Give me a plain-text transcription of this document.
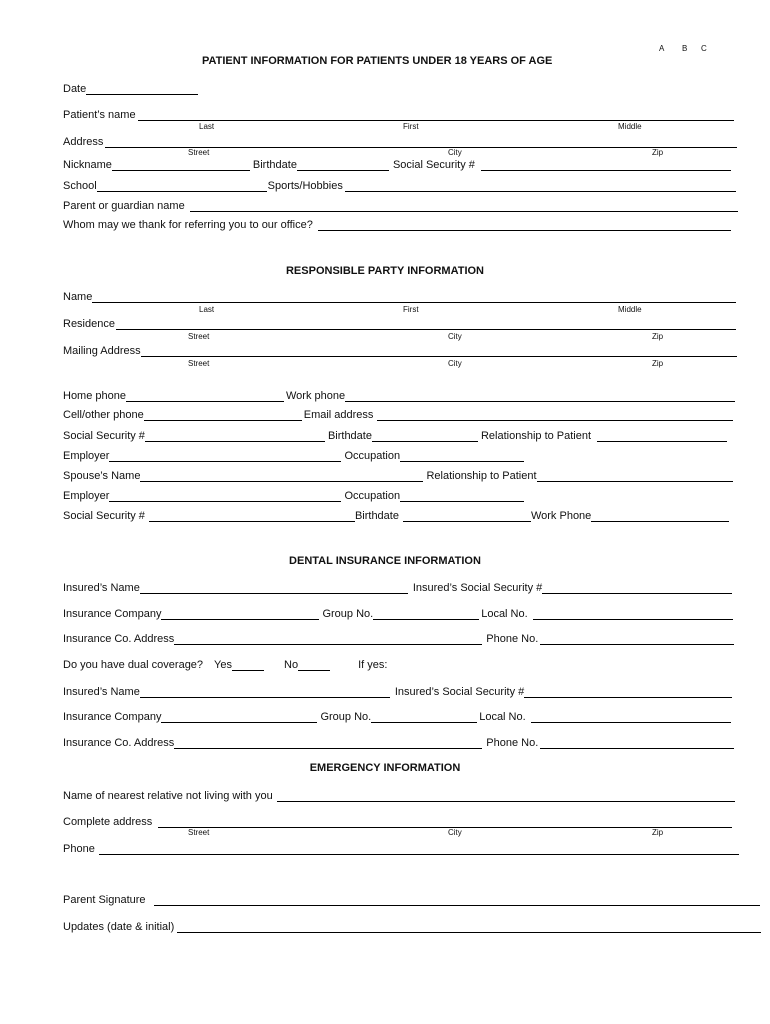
A B C
PATIENT INFORMATION FOR PATIENTS UNDER 18 YEARS OF AGE
Date
Patient’s name
Last	First	Middle
Address
Street	City	Zip
Nickname	Birthdate	Social Security #
School	Sports/Hobbies
Parent or guardian name
Whom may we thank for referring you to our office?
RESPONSIBLE PARTY INFORMATION
Name
Last	First	Middle
Residence
Street	City	Zip
Mailing Address
Street	City	Zip
Home phone	Work phone
Cell/other phone	Email address
Social Security #	Birthdate	Relationship to Patient
Employer	Occupation
Spouse’s Name	Relationship to Patient
Employer	Occupation
Social Security #	Birthdate	Work Phone
DENTAL INSURANCE INFORMATION
Insured’s Name	Insured’s Social Security #
Insurance Company	Group No.	Local No.
Insurance Co. Address	Phone No.
Do you have dual coverage? Yes	No	If yes:
Insured’s Name	Insured’s Social Security #
Insurance Company	Group No.	Local No.
Insurance Co. Address	Phone No.
EMERGENCY INFORMATION
Name of nearest relative not living with you
Complete address
Street	City	Zip
Phone
Parent Signature
Updates (date & initial)
